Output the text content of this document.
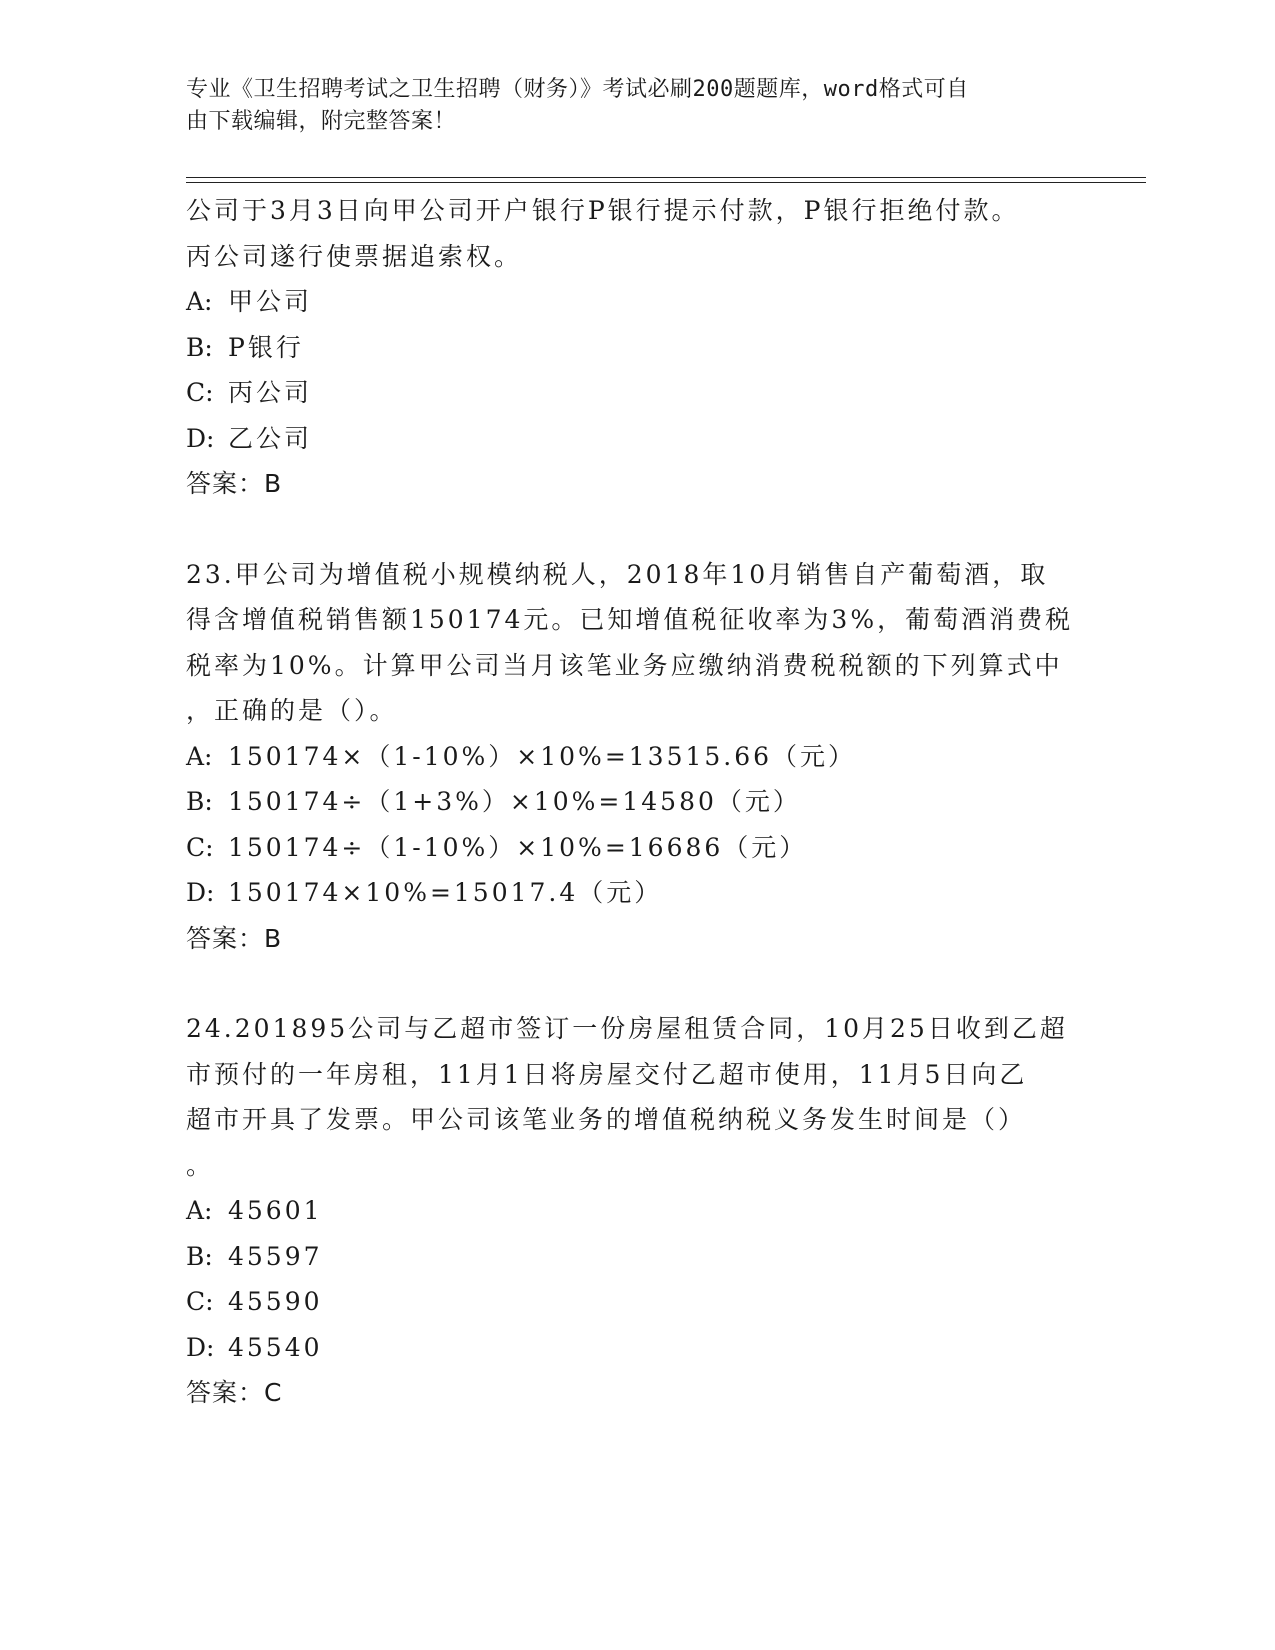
专业《卫生招聘考试之卫生招聘（财务）》考试必刷200题题库，word格式可自
由下载编辑，附完整答案！
公司于3月3日向甲公司开户银行P银行提示付款，P银行拒绝付款。
丙公司遂行使票据追索权。
A: 甲公司
B: P银行
C: 丙公司
D: 乙公司
答案：B
23.甲公司为增值税小规模纳税人，2018年10月销售自产葡萄酒，取
得含增值税销售额150174元。已知增值税征收率为3%，葡萄酒消费税
税率为10%。计算甲公司当月该笔业务应缴纳消费税税额的下列算式中
，正确的是（）。
A: 150174×（1-10%）×10%=13515.66（元）
B: 150174÷（1+3%）×10%=14580（元）
C: 150174÷（1-10%）×10%=16686（元）
D: 150174×10%=15017.4（元）
答案：B
24.201895公司与乙超市签订一份房屋租赁合同，10月25日收到乙超
市预付的一年房租，11月1日将房屋交付乙超市使用，11月5日向乙
超市开具了发票。甲公司该笔业务的增值税纳税义务发生时间是（）
。
A: 45601
B: 45597
C: 45590
D: 45540
答案：C
